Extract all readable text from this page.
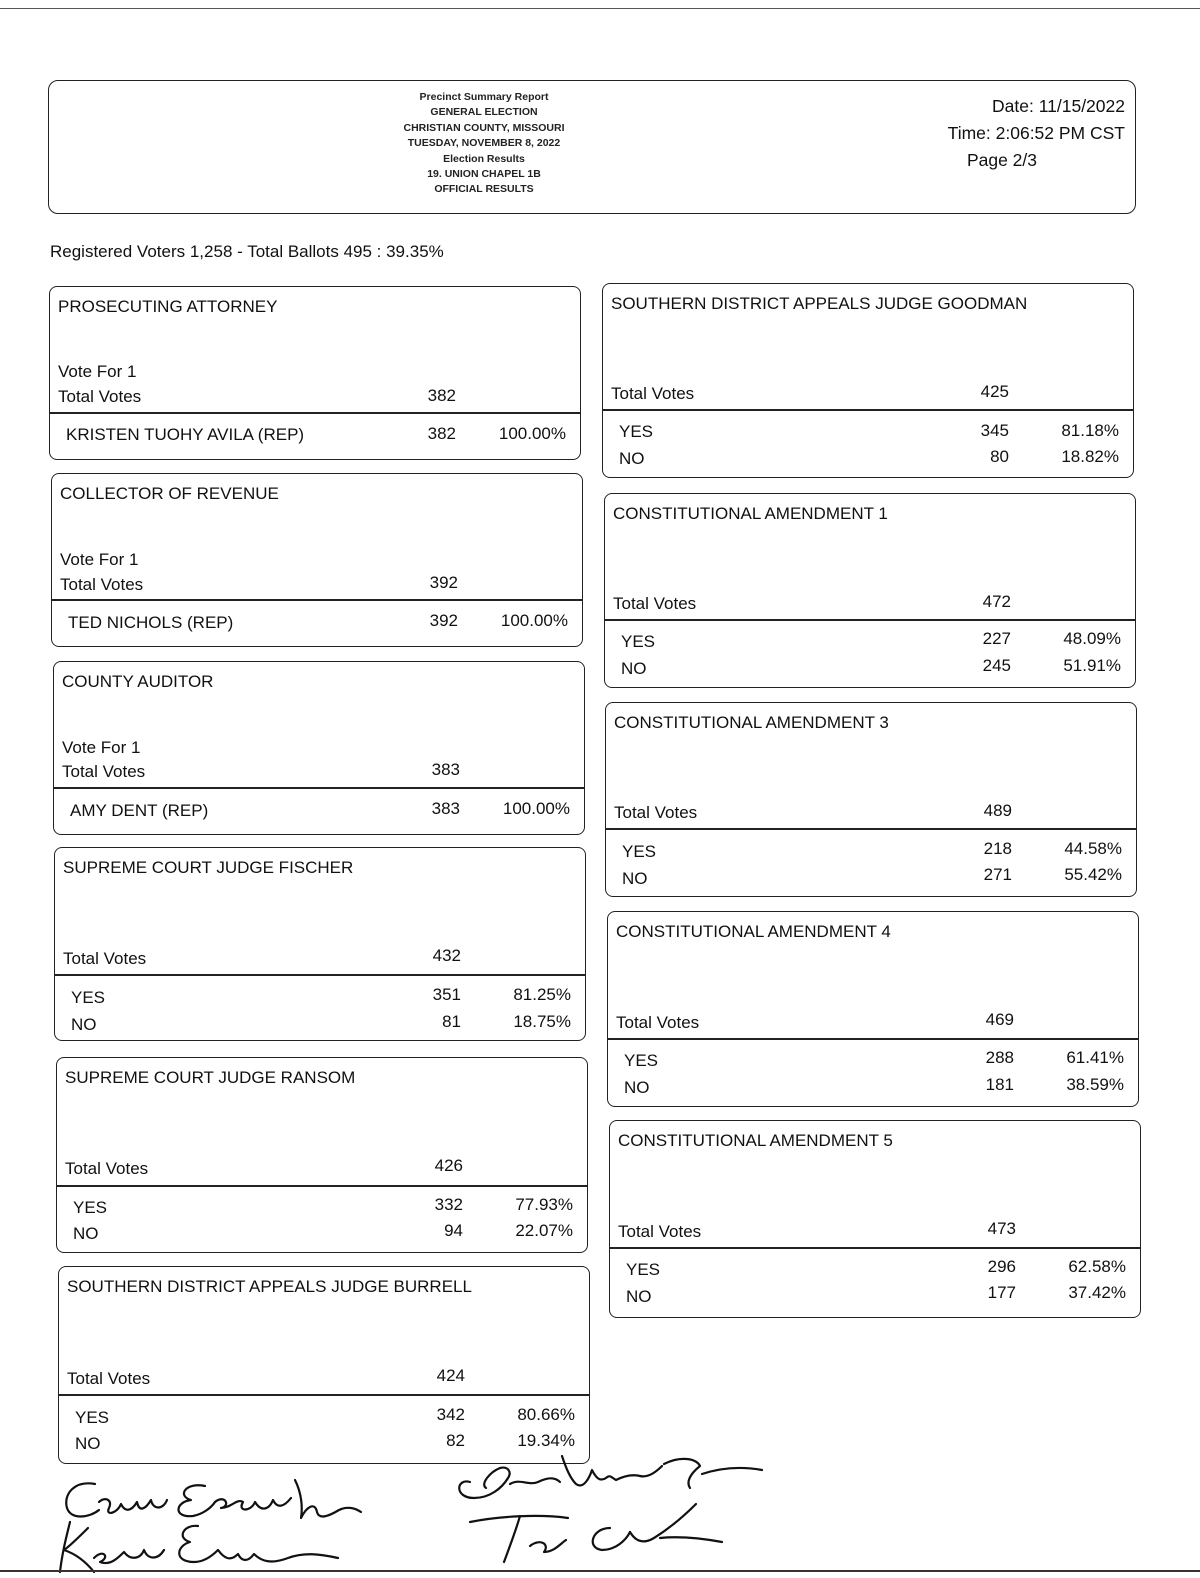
Precinct Summary Report
GENERAL ELECTION
CHRISTIAN COUNTY, MISSOURI
TUESDAY, NOVEMBER 8, 2022
Election Results
19. UNION CHAPEL 1B
OFFICIAL RESULTS
Date: 11/15/2022
Time: 2:06:52 PM CST
Page 2/3
Registered Voters 1,258 - Total Ballots 495 : 39.35%
PROSECUTING ATTORNEY
Vote For 1
Total Votes	382
KRISTEN TUOHY AVILA (REP)	382	100.00%
COLLECTOR OF REVENUE
Vote For 1
Total Votes	392
TED NICHOLS (REP)	392	100.00%
COUNTY AUDITOR
Vote For 1
Total Votes	383
AMY DENT (REP)	383	100.00%
SUPREME COURT JUDGE FISCHER
Total Votes	432
YES	351	81.25%
NO	81	18.75%
SUPREME COURT JUDGE RANSOM
Total Votes	426
YES	332	77.93%
NO	94	22.07%
SOUTHERN DISTRICT APPEALS JUDGE BURRELL
Total Votes	424
YES	342	80.66%
NO	82	19.34%
SOUTHERN DISTRICT APPEALS JUDGE GOODMAN
Total Votes	425
YES	345	81.18%
NO	80	18.82%
CONSTITUTIONAL AMENDMENT 1
Total Votes	472
YES	227	48.09%
NO	245	51.91%
CONSTITUTIONAL AMENDMENT 3
Total Votes	489
YES	218	44.58%
NO	271	55.42%
CONSTITUTIONAL AMENDMENT 4
Total Votes	469
YES	288	61.41%
NO	181	38.59%
CONSTITUTIONAL AMENDMENT 5
Total Votes	473
YES	296	62.58%
NO	177	37.42%
